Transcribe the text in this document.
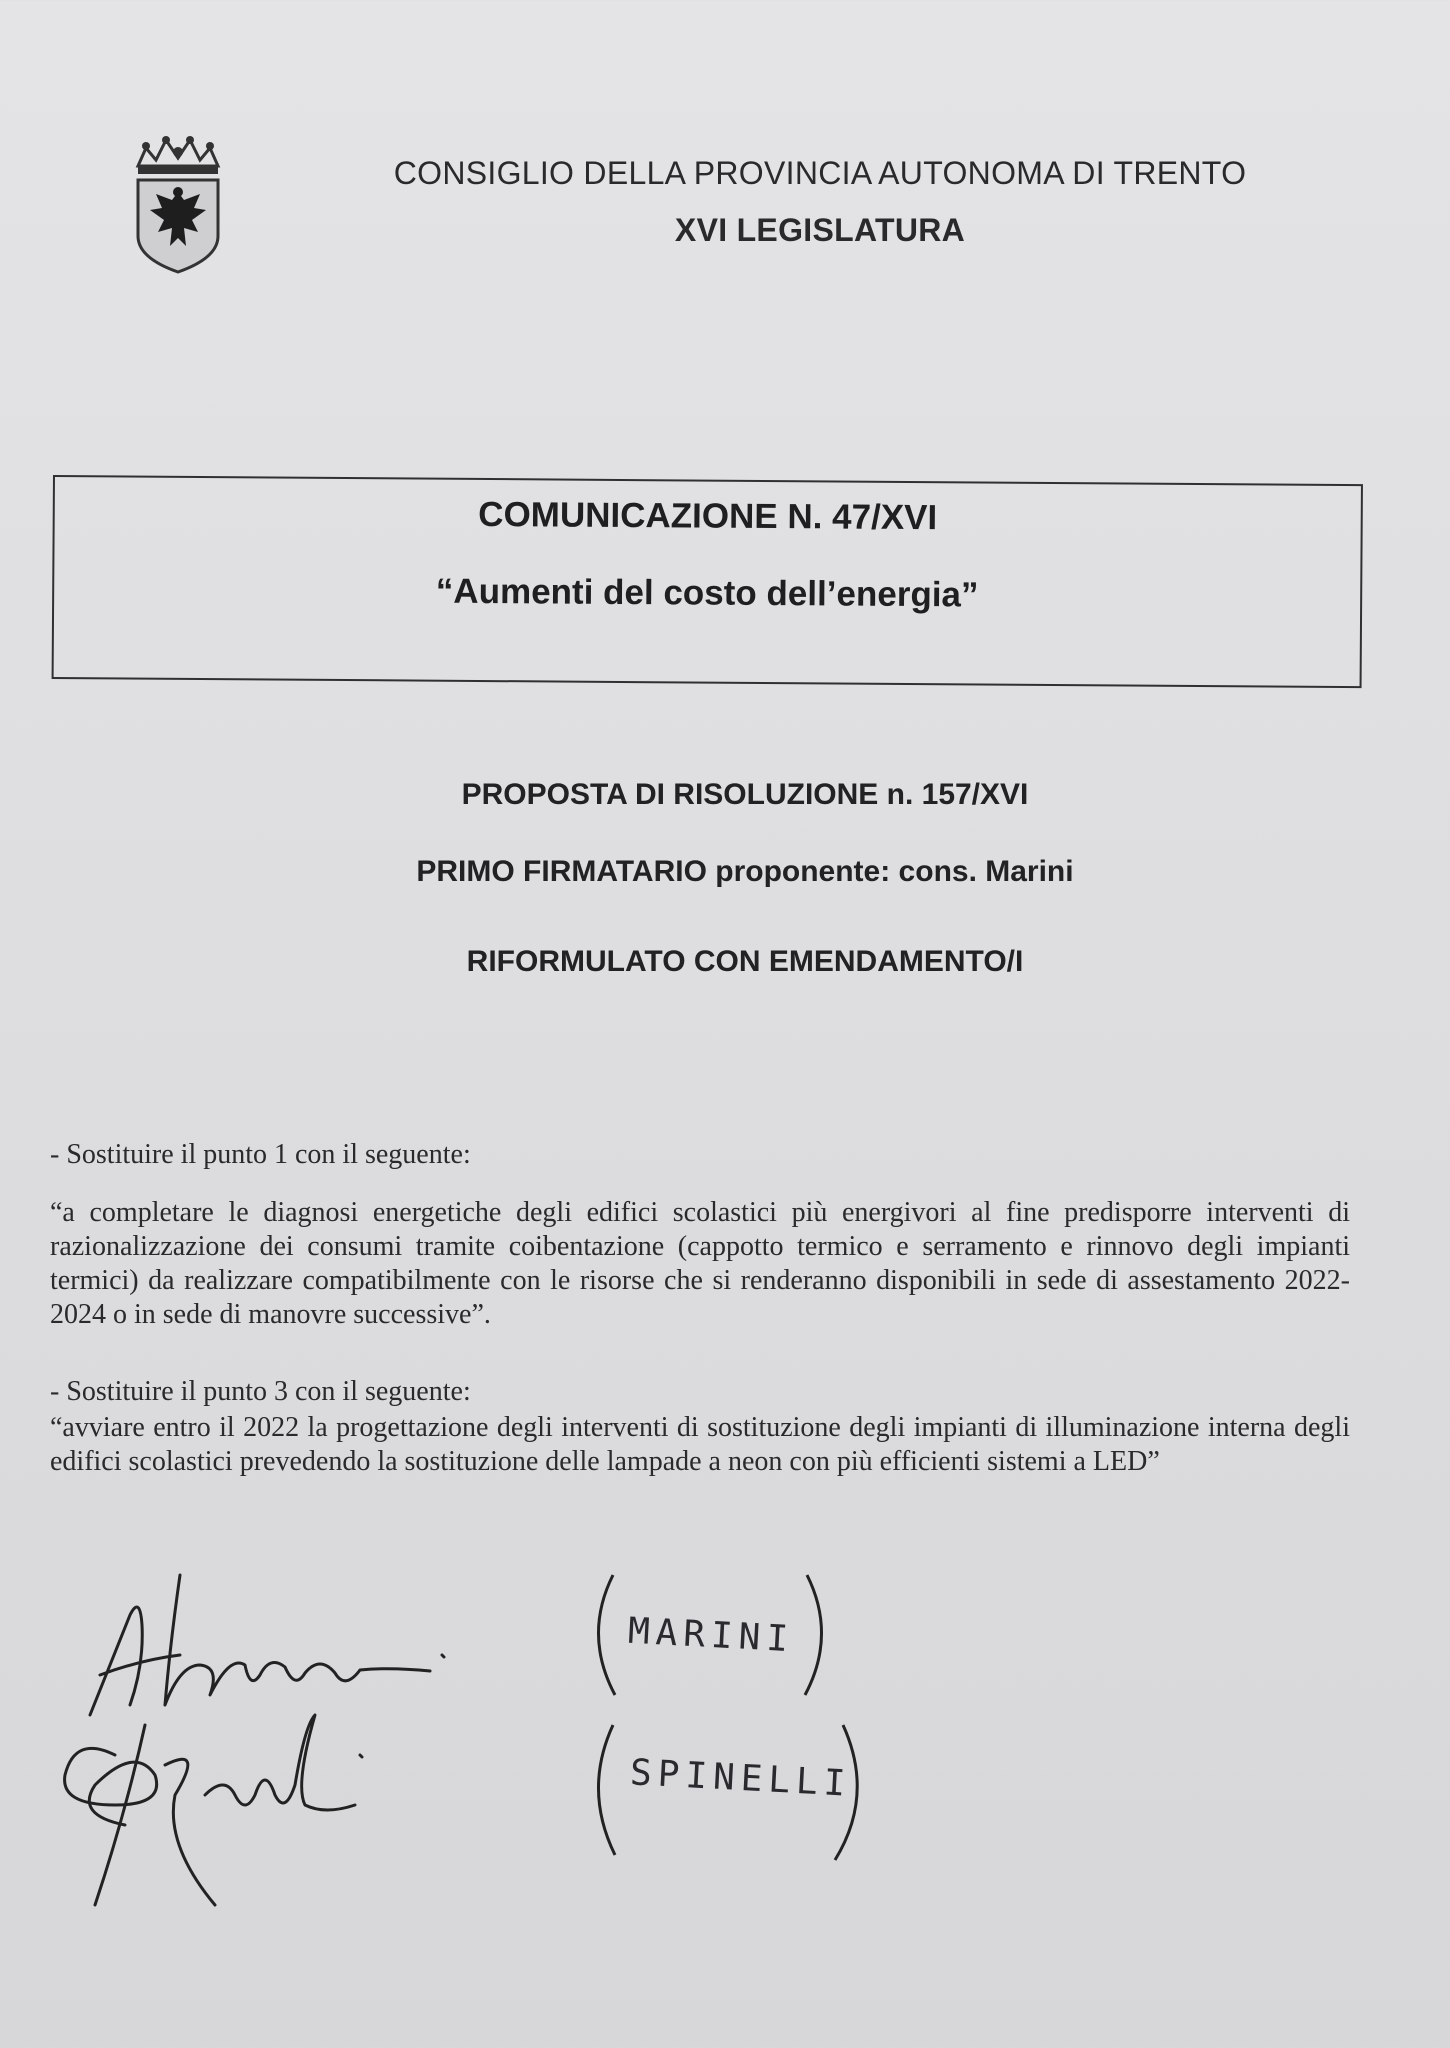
CONSIGLIO DELLA PROVINCIA AUTONOMA DI TRENTO
XVI LEGISLATURA
COMUNICAZIONE N. 47/XVI
“Aumenti del costo dell’energia”
PROPOSTA DI RISOLUZIONE n. 157/XVI
PRIMO FIRMATARIO proponente: cons. Marini
RIFORMULATO CON EMENDAMENTO/I
- Sostituire il punto 1 con il seguente:
“a completare le diagnosi energetiche degli edifici scolastici più energivori al fine predisporre interventi di razionalizzazione dei consumi tramite coibentazione (cappotto termico e serramento e rinnovo degli impianti termici) da realizzare compatibilmente con le risorse che si renderanno disponibili in sede di assestamento 2022-2024 o in sede di manovre successive”.
- Sostituire il punto 3 con il seguente:
“avviare entro il 2022 la progettazione degli interventi di sostituzione degli impianti di illuminazione interna degli edifici scolastici prevedendo la sostituzione delle lampade a neon con più efficienti sistemi a LED”
MARINI
SPINELLI
